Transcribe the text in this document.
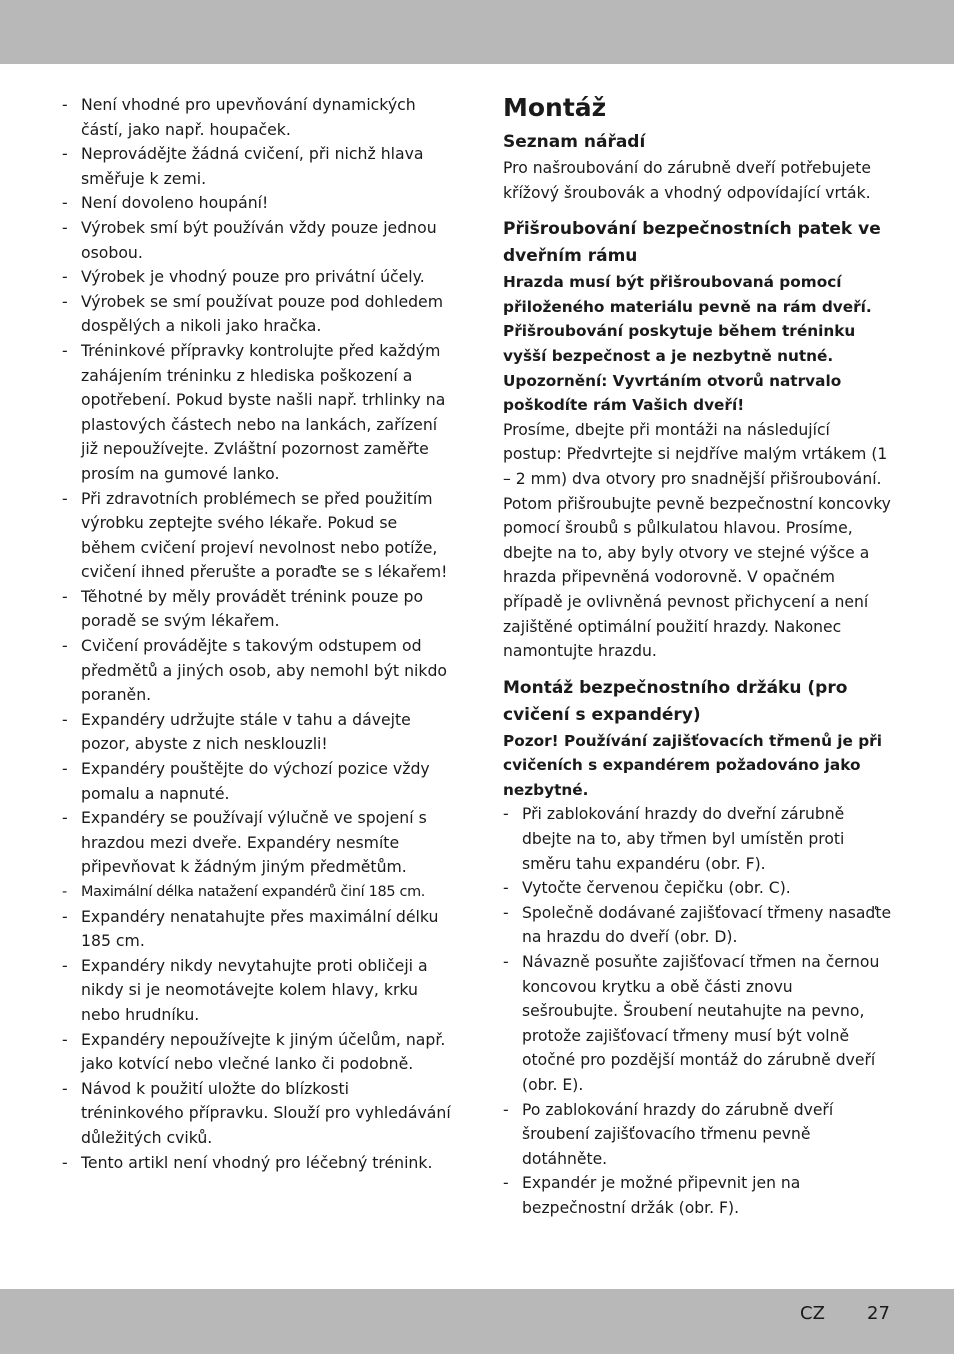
- Není vhodné pro upevňování dynamických částí, jako např. houpaček.
- Neprovádějte žádná cvičení, při nichž hlava směřuje k zemi.
- Není dovoleno houpání!
- Výrobek smí být používán vždy pouze jednou osobou.
- Výrobek je vhodný pouze pro privátní účely.
- Výrobek se smí používat pouze pod dohledem dospělých a nikoli jako hračka.
- Tréninkové přípravky kontrolujte před každým zahájením tréninku z hlediska poškození a opotřebení. Pokud byste našli např. trhlinky na plastových částech nebo na lankách, zařízení již nepoužívejte. Zvláštní pozornost zaměřte prosím na gumové lanko.
- Při zdravotních problémech se před použitím výrobku zeptejte svého lékaře. Pokud se během cvičení projeví nevolnost nebo potíže, cvičení ihned přerušte a poraďte se s lékařem!
- Těhotné by měly provádět trénink pouze po poradě se svým lékařem.
- Cvičení provádějte s takovým odstupem od předmětů a jiných osob, aby nemohl být nikdo poraněn.
- Expandéry udržujte stále v tahu a dávejte pozor, abyste z nich nesklouzli!
- Expandéry pouštějte do výchozí pozice vždy pomalu a napnuté.
- Expandéry se používají výlučně ve spojení s hrazdou mezi dveře. Expandéry nesmíte připevňovat k žádným jiným předmětům.
- Maximální délka natažení expandérů činí 185 cm.
- Expandéry nenatahujte přes maximální délku 185 cm.
- Expandéry nikdy nevytahujte proti obličeji a nikdy si je neomotávejte kolem hlavy, krku nebo hrudníku.
- Expandéry nepoužívejte k jiným účelům, např. jako kotvící nebo vlečné lanko či podobně.
- Návod k použití uložte do blízkosti tréninkového přípravku. Slouží pro vyhledávání důležitých cviků.
- Tento artikl není vhodný pro léčebný trénink.
Montáž
Seznam nářadí

Pro našroubování do zárubně dveří potřebujete křížový šroubovák a vhodný odpovídající vrták.

Přišroubování bezpečnostních patek ve dveřním rámu

Hrazda musí být přišroubovaná pomocí přiloženého materiálu pevně na rám dveří. Přišroubování poskytuje během tréninku vyšší bezpečnost a je nezbytně nutné. Upozornění: Vyvrtáním otvorů natrvalo poškodíte rám Vašich dveří!

Prosíme, dbejte při montáži na následující postup: Předvrtejte si nejdříve malým vrtákem (1 – 2 mm) dva otvory pro snadnější přišroubování. Potom přišroubujte pevně bezpečnostní koncovky pomocí šroubů s půlkulatou hlavou. Prosíme, dbejte na to, aby byly otvory ve stejné výšce a hrazda připevněná vodorovně. V opačném případě je ovlivněná pevnost přichycení a není zajištěné optimální použití hrazdy. Nakonec namontujte hrazdu.

Montáž bezpečnostního držáku (pro cvičení s expandéry)

Pozor! Používání zajišťovacích třmenů je při cvičeních s expandérem požadováno jako nezbytné.

- Při zablokování hrazdy do dveřní zárubně dbejte na to, aby třmen byl umístěn proti směru tahu expandéru (obr. F).
- Vytočte červenou čepičku (obr. C).
- Společně dodávané zajišťovací třmeny nasaďte na hrazdu do dveří (obr. D).
- Návazně posuňte zajišťovací třmen na černou koncovou krytku a obě části znovu sešroubujte. Šroubení neutahujte na pevno, protože zajišťovací třmeny musí být volně otočné pro pozdější montáž do zárubně dveří (obr. E).
- Po zablokování hrazdy do zárubně dveří šroubení zajišťovacího třmenu pevně dotáhněte.
- Expandér je možné připevnit jen na bezpečnostní držák (obr. F).
CZ 27
